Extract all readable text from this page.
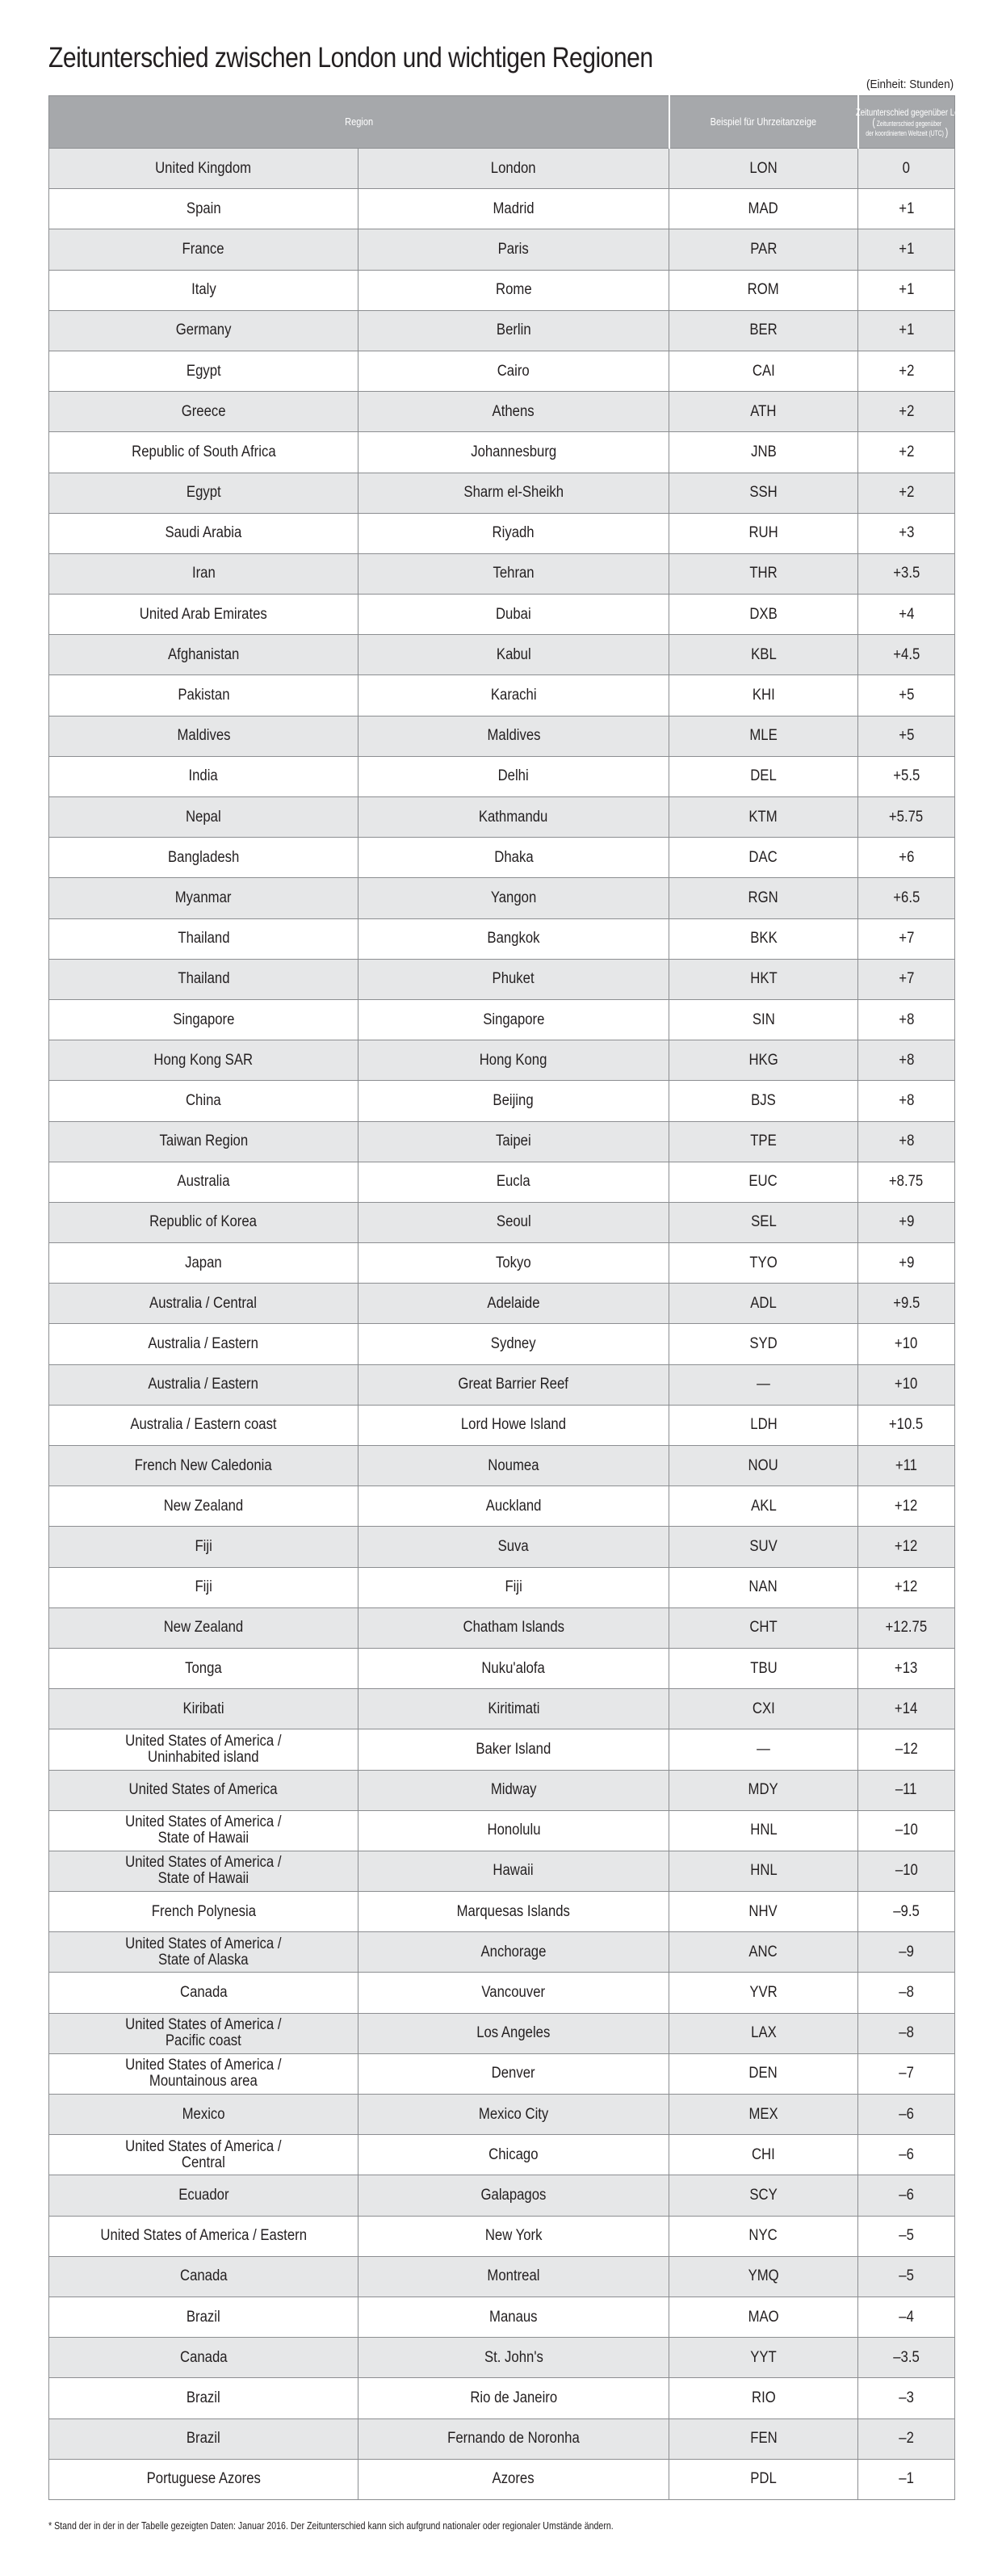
Zeitunterschied zwischen London und wichtigen Regionen
(Einheit: Stunden)
Region		Beispiel für Uhrzeitanzeige	Zeitunterschied gegenüber London
( Zeitunterschied gegenüber
der koordinierten Weltzeit (UTC) )

United Kingdom	London	LON	0

Spain	Madrid	MAD	+1

France	Paris	PAR	+1

Italy	Rome	ROM	+1

Germany	Berlin	BER	+1

Egypt	Cairo	CAI	+2

Greece	Athens	ATH	+2

Republic of South Africa	Johannesburg	JNB	+2

Egypt	Sharm el-Sheikh	SSH	+2

Saudi Arabia	Riyadh	RUH	+3

Iran	Tehran	THR	+3.5

United Arab Emirates	Dubai	DXB	+4

Afghanistan	Kabul	KBL	+4.5

Pakistan	Karachi	KHI	+5

Maldives	Maldives	MLE	+5

India	Delhi	DEL	+5.5

Nepal	Kathmandu	KTM	+5.75

Bangladesh	Dhaka	DAC	+6

Myanmar	Yangon	RGN	+6.5

Thailand	Bangkok	BKK	+7

Thailand	Phuket	HKT	+7

Singapore	Singapore	SIN	+8

Hong Kong SAR	Hong Kong	HKG	+8

China	Beijing	BJS	+8

Taiwan Region	Taipei	TPE	+8

Australia	Eucla	EUC	+8.75

Republic of Korea	Seoul	SEL	+9

Japan	Tokyo	TYO	+9

Australia / Central	Adelaide	ADL	+9.5

Australia / Eastern	Sydney	SYD	+10

Australia / Eastern	Great Barrier Reef	—	+10

Australia / Eastern coast	Lord Howe Island	LDH	+10.5

French New Caledonia	Noumea	NOU	+11

New Zealand	Auckland	AKL	+12

Fiji	Suva	SUV	+12

Fiji	Fiji	NAN	+12

New Zealand	Chatham Islands	CHT	+12.75

Tonga	Nuku'alofa	TBU	+13

Kiribati	Kiritimati	CXI	+14

United States of America /
Uninhabited island	Baker Island	—	–12

United States of America	Midway	MDY	–11

United States of America /
State of Hawaii	Honolulu	HNL	–10

United States of America /
State of Hawaii	Hawaii	HNL	–10

French Polynesia	Marquesas Islands	NHV	–9.5

United States of America /
State of Alaska	Anchorage	ANC	–9

Canada	Vancouver	YVR	–8

United States of America /
Pacific coast	Los Angeles	LAX	–8

United States of America /
Mountainous area	Denver	DEN	–7

Mexico	Mexico City	MEX	–6

United States of America /
Central	Chicago	CHI	–6

Ecuador	Galapagos	SCY	–6

United States of America / Eastern	New York	NYC	–5

Canada	Montreal	YMQ	–5

Brazil	Manaus	MAO	–4

Canada	St. John's	YYT	–3.5

Brazil	Rio de Janeiro	RIO	–3

Brazil	Fernando de Noronha	FEN	–2

Portuguese Azores	Azores	PDL	–1
* Stand der in der in der Tabelle gezeigten Daten: Januar 2016. Der Zeitunterschied kann sich aufgrund nationaler oder regionaler Umstände ändern.
